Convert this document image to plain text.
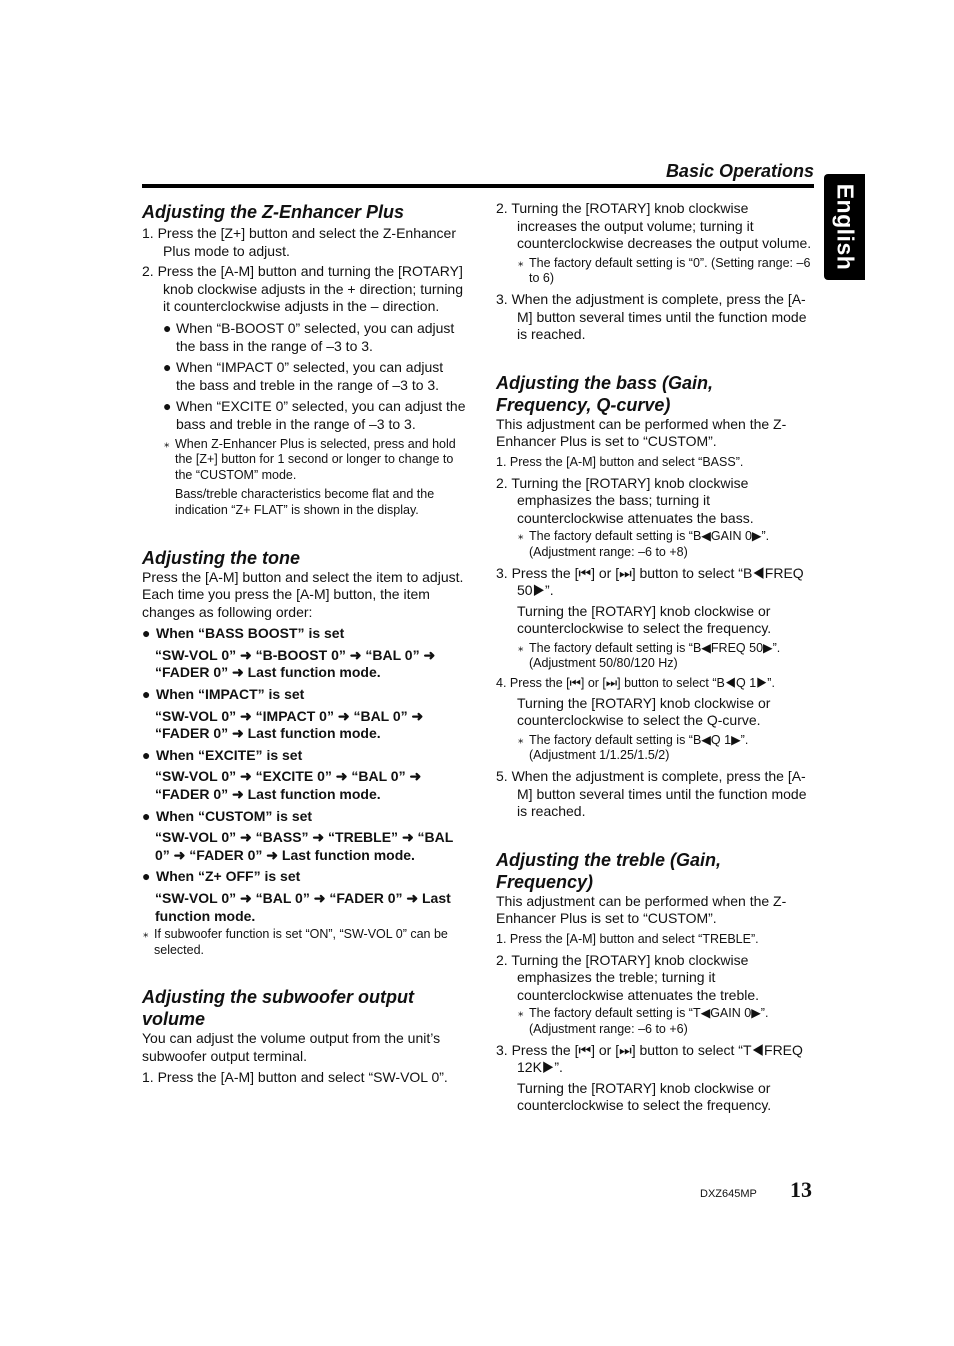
Basic Operations
English
Adjusting the Z-Enhancer Plus
1. Press the [Z+] button and select the Z-Enhancer Plus mode to adjust.
2. Press the [A-M] button and turning the [ROTARY] knob clockwise adjusts in the + direction; turning it counterclockwise adjusts in the – direction.
● When “B-BOOST 0” selected, you can adjust the bass in the range of –3 to 3.
● When “IMPACT 0” selected, you can adjust the bass and treble in the range of –3 to 3.
● When “EXCITE 0” selected, you can adjust the bass and treble in the range of –3 to 3.
⁎ When Z-Enhancer Plus is selected, press and hold the [Z+] button for 1 second or longer to change to the “CUSTOM” mode.
Bass/treble characteristics become flat and the indication “Z+ FLAT” is shown in the display.
Adjusting the tone

Press the [A-M] button and select the item to adjust. Each time you press the [A-M] button, the item changes as following order:

● When “BASS BOOST” is set
“SW-VOL 0” ➜ “B-BOOST 0” ➜ “BAL 0” ➜ “FADER 0” ➜ Last function mode.
● When “IMPACT” is set
“SW-VOL 0” ➜ “IMPACT 0” ➜ “BAL 0” ➜ “FADER 0” ➜ Last function mode.
● When “EXCITE” is set
“SW-VOL 0” ➜ “EXCITE 0” ➜ “BAL 0” ➜ “FADER 0” ➜ Last function mode.
● When “CUSTOM” is set
“SW-VOL 0” ➜ “BASS” ➜ “TREBLE” ➜ “BAL 0” ➜ “FADER 0” ➜ Last function mode.
● When “Z+ OFF” is set
“SW-VOL 0” ➜ “BAL 0” ➜ “FADER 0” ➜ Last function mode.
⁎ If subwoofer function is set “ON”, “SW-VOL 0” can be selected.
Adjusting the subwoofer output volume

You can adjust the volume output from the unit’s subwoofer output terminal.

1. Press the [A-M] button and select “SW-VOL 0”.
2. Turning the [ROTARY] knob clockwise increases the output volume; turning it counterclockwise decreases the output volume.
⁎ The factory default setting is “0”. (Setting range: –6 to 6)
3. When the adjustment is complete, press the [A-M] button several times until the function mode is reached.
Adjusting the bass (Gain, Frequency, Q-curve)

This adjustment can be performed when the Z-Enhancer Plus is set to “CUSTOM”.

1. Press the [A-M] button and select “BASS”.
2. Turning the [ROTARY] knob clockwise emphasizes the bass; turning it counterclockwise attenuates the bass.
⁎ The factory default setting is “B◀GAIN 0▶”. (Adjustment range: –6 to +8)
3. Press the [⏮] or [⏭] button to select “B◀FREQ 50▶”.
Turning the [ROTARY] knob clockwise or counterclockwise to select the frequency.
⁎ The factory default setting is “B◀FREQ 50▶”. (Adjustment 50/80/120 Hz)
4. Press the [⏮] or [⏭] button to select “B◀Q 1▶”.
Turning the [ROTARY] knob clockwise or counterclockwise to select the Q-curve.
⁎ The factory default setting is “B◀Q 1▶”. (Adjustment 1/1.25/1.5/2)
5. When the adjustment is complete, press the [A-M] button several times until the function mode is reached.
Adjusting the treble (Gain, Frequency)

This adjustment can be performed when the Z-Enhancer Plus is set to “CUSTOM”.

1. Press the [A-M] button and select “TREBLE”.
2. Turning the [ROTARY] knob clockwise emphasizes the treble; turning it counterclockwise attenuates the treble.
⁎ The factory default setting is “T◀GAIN 0▶”. (Adjustment range: –6 to +6)
3. Press the [⏮] or [⏭] button to select “T◀FREQ 12K▶”.
Turning the [ROTARY] knob clockwise or counterclockwise to select the frequency.
DXZ645MP 13
